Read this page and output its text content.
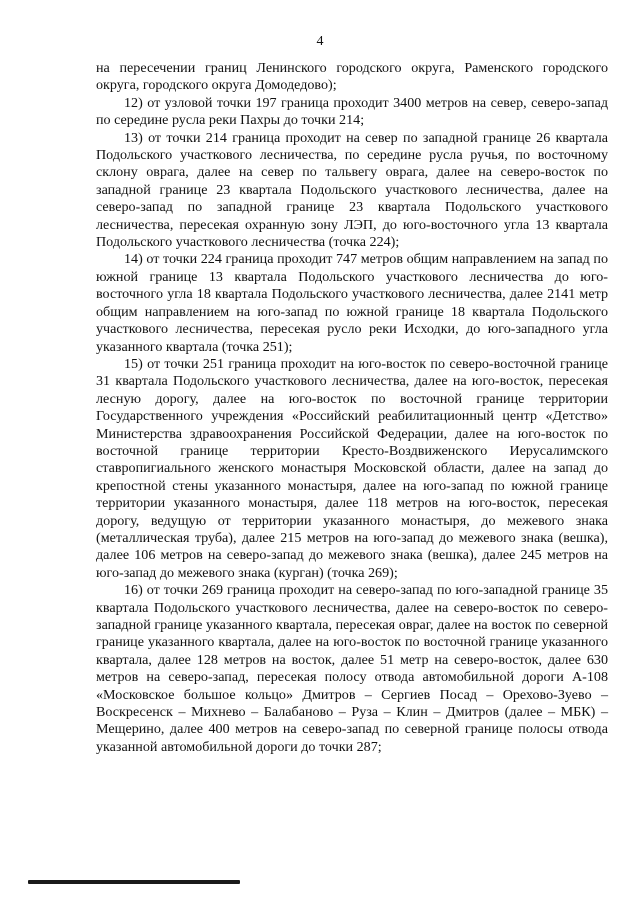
4

на пересечении границ Ленинского городского округа, Раменского городского округа, городского округа Домодедово);

12) от узловой точки 197 граница проходит 3400 метров на север, северо-запад по середине русла реки Пахры до точки 214;

13) от точки 214 граница проходит на север по западной границе 26 квартала Подольского участкового лесничества, по середине русла ручья, по восточному склону оврага, далее на север по тальвегу оврага, далее на северо-восток по западной границе 23 квартала Подольского участкового лесничества, далее на северо-запад по западной границе 23 квартала Подольского участкового лесничества, пересекая охранную зону ЛЭП, до юго-восточного угла 13 квартала Подольского участкового лесничества (точка 224);

14) от точки 224 граница проходит 747 метров общим направлением на запад по южной границе 13 квартала Подольского участкового лесничества до юго-восточного угла 18 квартала Подольского участкового лесничества, далее 2141 метр общим направлением на юго-запад по южной границе 18 квартала Подольского участкового лесничества, пересекая русло реки Исходки, до юго-западного угла указанного квартала (точка 251);

15) от точки 251 граница проходит на юго-восток по северо-восточной границе 31 квартала Подольского участкового лесничества, далее на юго-восток, пересекая лесную дорогу, далее на юго-восток по восточной границе территории Государственного учреждения «Российский реабилитационный центр «Детство» Министерства здравоохранения Российской Федерации, далее на юго-восток по восточной границе территории Кресто-Воздвиженского Иерусалимского ставропигиального женского монастыря Московской области, далее на запад до крепостной стены указанного монастыря, далее на юго-запад по южной границе территории указанного монастыря, далее 118 метров на юго-восток, пересекая дорогу, ведущую от территории указанного монастыря, до межевого знака (металлическая труба), далее 215 метров на юго-запад до межевого знака (вешка), далее 106 метров на северо-запад до межевого знака (вешка), далее 245 метров на юго-запад до межевого знака (курган) (точка 269);

16) от точки 269 граница проходит на северо-запад по юго-западной границе 35 квартала Подольского участкового лесничества, далее на северо-восток по северо-западной границе указанного квартала, пересекая овраг, далее на восток по северной границе указанного квартала, далее на юго-восток по восточной границе указанного квартала, далее 128 метров на восток, далее 51 метр на северо-восток, далее 630 метров на северо-запад, пересекая полосу отвода автомобильной дороги А-108 «Московское большое кольцо» Дмитров – Сергиев Посад – Орехово-Зуево – Воскресенск – Михнево – Балабаново – Руза – Клин – Дмитров (далее – МБК) – Мещерино, далее 400 метров на северо-запад по северной границе полосы отвода указанной автомобильной дороги до точки 287;
